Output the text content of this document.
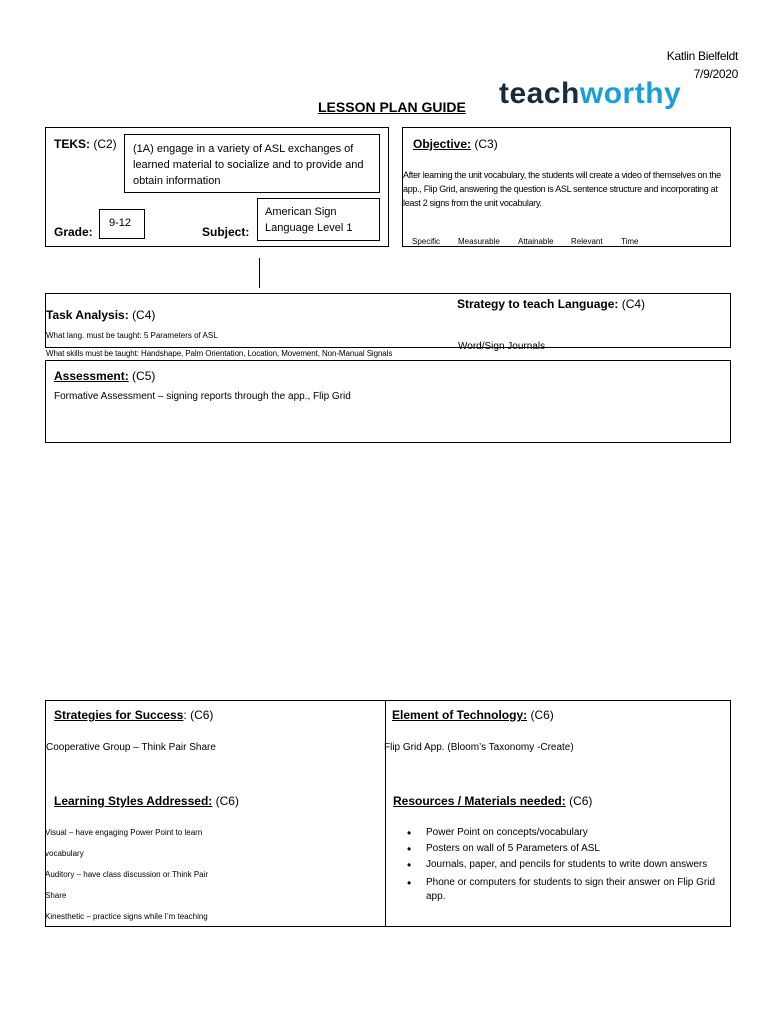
Katlin Bielfeldt
7/9/2020
teachworthy
LESSON PLAN GUIDE
TEKS: (C2)	(1A) engage in a variety of ASL exchanges of learned material to socialize and to provide and obtain information
Grade:
9-12
Subject:
American Sign Language Level 1
Objective: (C3)
After learning the unit vocabulary, the students will create a video of themselves on the app., Flip Grid, answering the question is ASL sentence structure and incorporating at least 2 signs from the unit vocabulary.
Specific Measurable Attainable Relevant Time
Task Analysis: (C4)
What lang. must be taught: 5 Parameters of ASL
What skills must be taught: Handshape, Palm Orientation, Location, Movement, Non-Manual Signals
Strategy to teach Language: (C4)
Word/Sign Journals
Assessment: (C5)
Formative Assessment – signing reports through the app., Flip Grid
Strategies for Success: (C6)
Cooperative Group – Think Pair Share
Element of Technology: (C6)
Flip Grid App. (Bloom’s Taxonomy -Create)
Learning Styles Addressed: (C6)
Visual – have engaging Power Point to learn
vocabulary
Auditory – have class discussion or Think Pair
Share
Kinesthetic – practice signs while I’m teaching
Resources / Materials needed: (C6)
• Power Point on concepts/vocabulary
• Posters on wall of 5 Parameters of ASL
• Journals, paper, and pencils for students to write down answers
• Phone or computers for students to sign their answer on Flip Grid app.
